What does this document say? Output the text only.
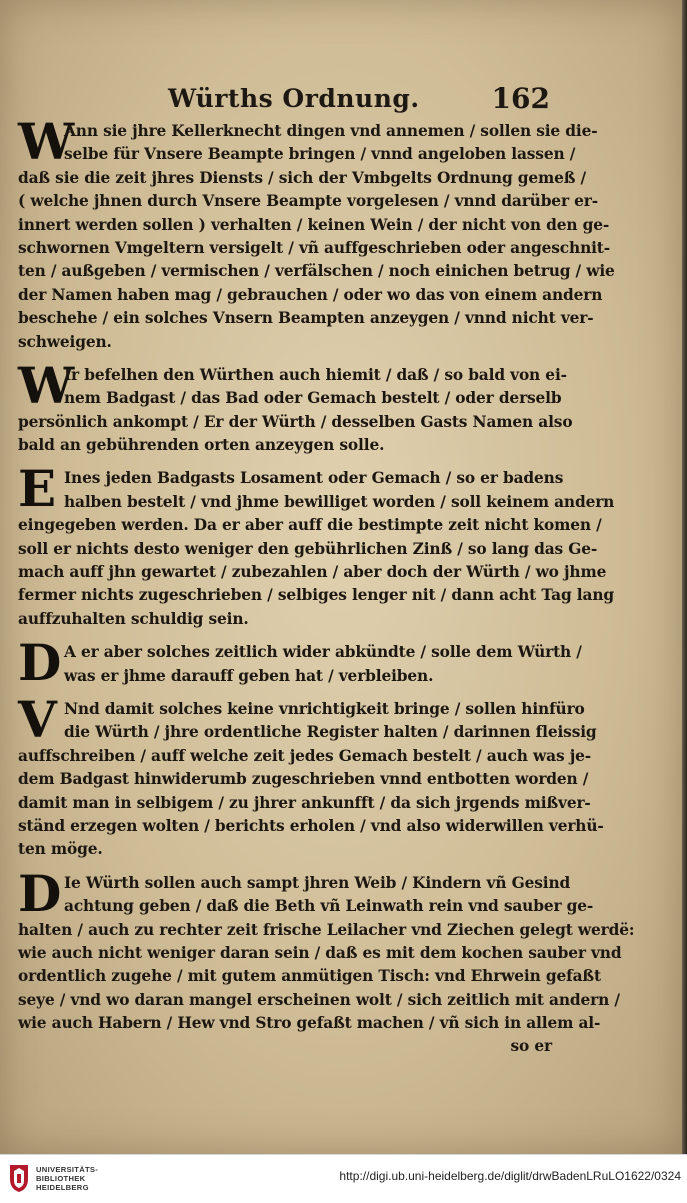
Würths Ordnung.	162
W
Ann sie jhre Kellerknecht dingen vnd annemen / sollen sie die-
selbe für Vnsere Beampte bringen / vnnd angeloben lassen /
daß sie die zeit jhres Diensts / sich der Vmbgelts Ordnung gemeß /
( welche jhnen durch Vnsere Beampte vorgelesen / vnnd darüber er-
innert werden sollen ) verhalten / keinen Wein / der nicht von den ge-
schwornen Vmgeltern versigelt / vñ auffgeschrieben oder angeschnit-
ten / außgeben / vermischen / verfälschen / noch einichen betrug / wie
der Namen haben mag / gebrauchen / oder wo das von einem andern
beschehe / ein solches Vnsern Beampten anzeygen / vnnd nicht ver-
schweigen.
W
Ir befelhen den Würthen auch hiemit / daß / so bald von ei-
nem Badgast / das Bad oder Gemach bestelt / oder derselb
persönlich ankompt / Er der Würth / desselben Gasts Namen also
bald an gebührenden orten anzeygen solle.
E Ines jeden Badgasts Losament oder Gemach / so er badens
halben bestelt / vnd jhme bewilliget worden / soll keinem andern
eingegeben werden. Da er aber auff die bestimpte zeit nicht komen /
soll er nichts desto weniger den gebührlichen Zinß / so lang das Ge-
mach auff jhn gewartet / zubezahlen / aber doch der Würth / wo jhme
fermer nichts zugeschrieben / selbiges lenger nit / dann acht Tag lang
auffzuhalten schuldig sein.
D A er aber solches zeitlich wider abkündte / solle dem Würth /
was er jhme darauff geben hat / verbleiben.
V Nnd damit solches keine vnrichtigkeit bringe / sollen hinfüro
die Würth / jhre ordentliche Register halten / darinnen fleissig
auffschreiben / auff welche zeit jedes Gemach bestelt / auch was je-
dem Badgast hinwiderumb zugeschrieben vnnd entbotten worden /
damit man in selbigem / zu jhrer ankunfft / da sich jrgends mißver-
ständ erzegen wolten / berichts erholen / vnd also widerwillen verhü-
ten möge.
D Ie Würth sollen auch sampt jhren Weib / Kindern vñ Gesind
achtung geben / daß die Beth vñ Leinwath rein vnd sauber ge-
halten / auch zu rechter zeit frische Leilacher vnd Ziechen gelegt werdë:
wie auch nicht weniger daran sein / daß es mit dem kochen sauber vnd
ordentlich zugehe / mit gutem anmütigen Tisch: vnd Ehrwein gefaßt
seye / vnd wo daran mangel erscheinen wolt / sich zeitlich mit andern /
wie auch Habern / Hew vnd Stro gefaßt machen / vñ sich in allem al-
so er
UNIVERSITÄTS-
BIBLIOTHEK
HEIDELBERG
http://digi.ub.uni-heidelberg.de/diglit/drwBadenLRuLO1622/0324
